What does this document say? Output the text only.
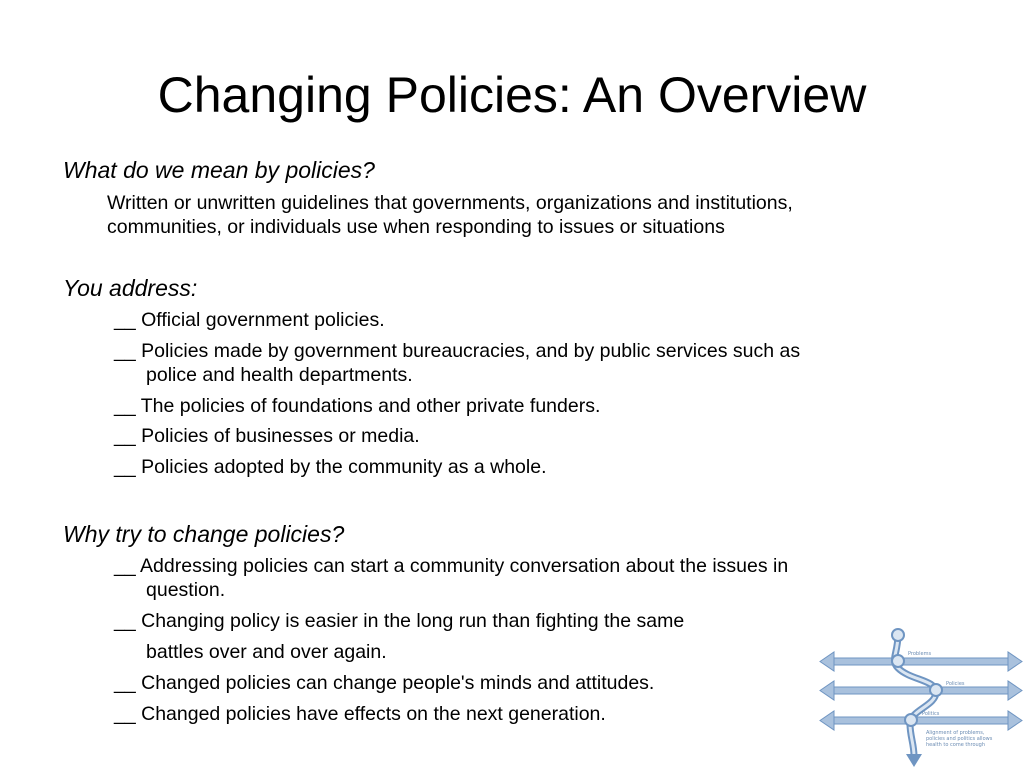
Changing Policies: An Overview

What do we mean by policies?

Written or unwritten guidelines that governments, organizations and institutions,
communities, or individuals use when responding to issues or situations

You address:

__ Official government policies.

__ Policies made by government bureaucracies, and by public services such as
police and health departments.

__ The policies of foundations and other private funders.

__ Policies of businesses or media.

__ Policies adopted by the community as a whole.

Why try to change policies?

__ Addressing policies can start a community conversation about the issues in
question.

__ Changing policy is easier in the long run than fighting the same
battles over and over again.

__ Changed policies can change people's minds and attitudes.

__ Changed policies have effects on the next generation.

Problems
Policies
Politics
Alignment of problems,
policies and politics allows
health to come through
